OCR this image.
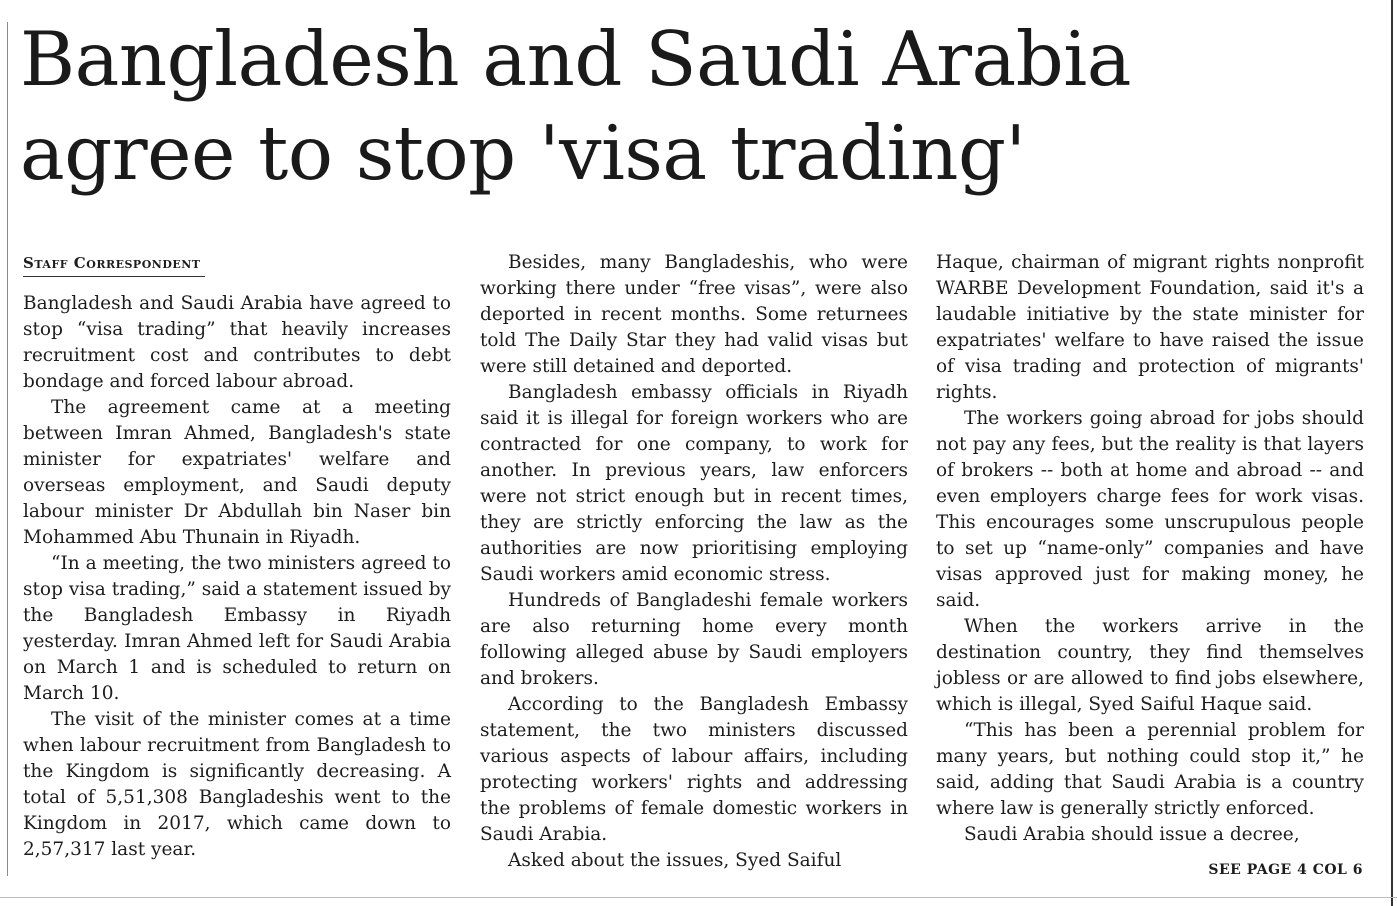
Bangladesh and Saudi Arabia
agree to stop 'visa trading'
Staff Correspondent

Bangladesh and Saudi Arabia have agreed to stop “visa trading” that heavily increases recruitment cost and contributes to debt bondage and forced labour abroad.

The agreement came at a meeting between Imran Ahmed, Bangladesh's state minister for expatriates' welfare and overseas employment, and Saudi deputy labour minister Dr Abdullah bin Naser bin Mohammed Abu Thunain in Riyadh.

“In a meeting, the two ministers agreed to stop visa trading,” said a statement issued by the Bangladesh Embassy in Riyadh yesterday. Imran Ahmed left for Saudi Arabia on March 1 and is scheduled to return on March 10.

The visit of the minister comes at a time when labour recruitment from Bangladesh to the Kingdom is significantly decreasing. A total of 5,51,308 Bangladeshis went to the Kingdom in 2017, which came down to 2,57,317 last year.

Besides, many Bangladeshis, who were working there under “free visas”, were also deported in recent months. Some returnees told The Daily Star they had valid visas but were still detained and deported.

Bangladesh embassy officials in Riyadh said it is illegal for foreign workers who are contracted for one company, to work for another. In previous years, law enforcers were not strict enough but in recent times, they are strictly enforcing the law as the authorities are now prioritising employing Saudi workers amid economic stress.

Hundreds of Bangladeshi female workers are also returning home every month following alleged abuse by Saudi employers and brokers.

According to the Bangladesh Embassy statement, the two ministers discussed various aspects of labour affairs, including protecting workers' rights and addressing the problems of female domestic workers in Saudi Arabia.

Asked about the issues, Syed Saiful

Haque, chairman of migrant rights nonprofit WARBE Development Foundation, said it's a laudable initiative by the state minister for expatriates' welfare to have raised the issue of visa trading and protection of migrants' rights.

The workers going abroad for jobs should not pay any fees, but the reality is that layers of brokers -- both at home and abroad -- and even employers charge fees for work visas. This encourages some unscrupulous people to set up “name-only” companies and have visas approved just for making money, he said.

When the workers arrive in the destination country, they find themselves jobless or are allowed to find jobs elsewhere, which is illegal, Syed Saiful Haque said.

“This has been a perennial problem for many years, but nothing could stop it,” he said, adding that Saudi Arabia is a country where law is generally strictly enforced.

Saudi Arabia should issue a decree,

SEE PAGE 4 COL 6
